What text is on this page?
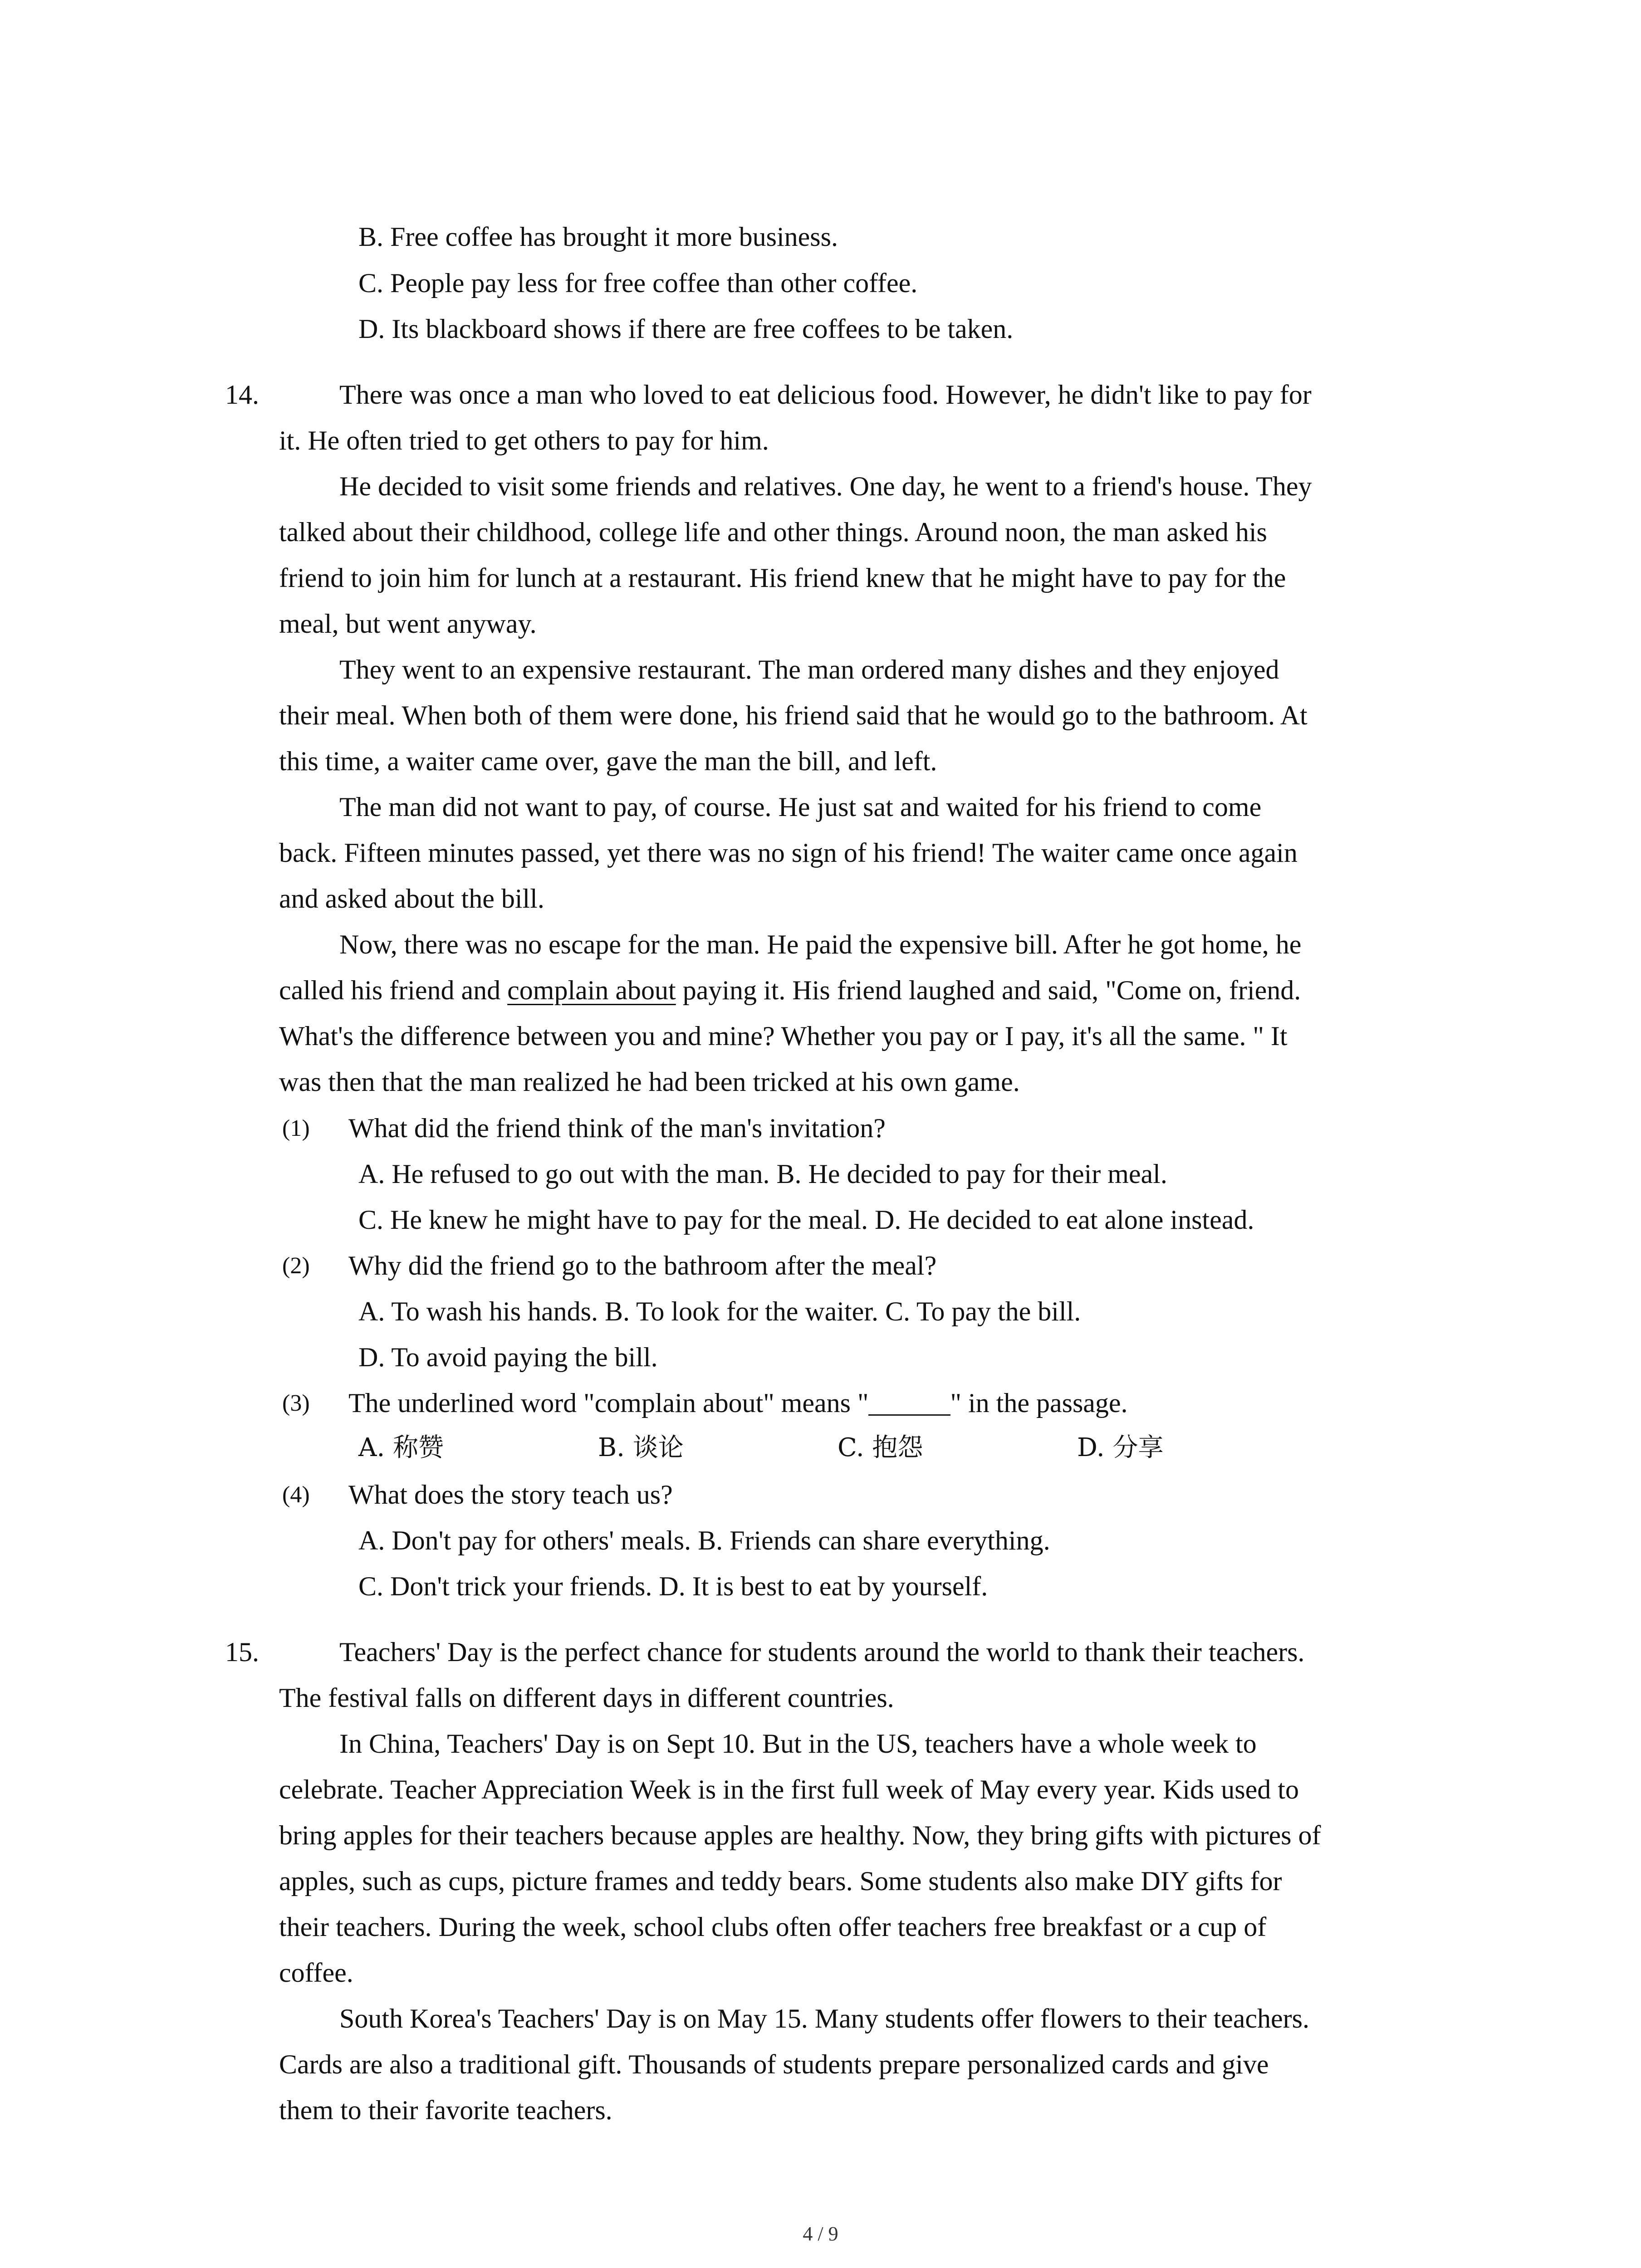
B. Free coffee has brought it more business.

C. People pay less for free coffee than other coffee.

D. Its blackboard shows if there are free coffees to be taken.

14.	There was once a man who loved to eat delicious food. However, he didn't like to pay for

it. He often tried to get others to pay for him.

He decided to visit some friends and relatives. One day, he went to a friend's house. They

talked about their childhood, college life and other things. Around noon, the man asked his

friend to join him for lunch at a restaurant. His friend knew that he might have to pay for the

meal, but went anyway.

They went to an expensive restaurant. The man ordered many dishes and they enjoyed

their meal. When both of them were done, his friend said that he would go to the bathroom. At

this time, a waiter came over, gave the man the bill, and left.

The man did not want to pay, of course. He just sat and waited for his friend to come

back. Fifteen minutes passed, yet there was no sign of his friend! The waiter came once again

and asked about the bill.

Now, there was no escape for the man. He paid the expensive bill. After he got home, he

called his friend and complain about paying it. His friend laughed and said, "Come on, friend.

What's the difference between you and mine? Whether you pay or I pay, it's all the same. " It

was then that the man realized he had been tricked at his own game.

(1) What did the friend think of the man's invitation?

A. He refused to go out with the man. B. He decided to pay for their meal.

C. He knew he might have to pay for the meal. D. He decided to eat alone instead.

(2) Why did the friend go to the bathroom after the meal?

A. To wash his hands. B. To look for the waiter. C. To pay the bill.

D. To avoid paying the bill.

(3) The underlined word "complain about" means "______" in the passage.

A. 称赞	B. 谈论	C. 抱怨	D. 分享

(4) What does the story teach us?

A. Don't pay for others' meals. B. Friends can share everything.

C. Don't trick your friends. D. It is best to eat by yourself.

15.	Teachers' Day is the perfect chance for students around the world to thank their teachers.

The festival falls on different days in different countries.

In China, Teachers' Day is on Sept 10. But in the US, teachers have a whole week to

celebrate. Teacher Appreciation Week is in the first full week of May every year. Kids used to

bring apples for their teachers because apples are healthy. Now, they bring gifts with pictures of

apples, such as cups, picture frames and teddy bears. Some students also make DIY gifts for

their teachers. During the week, school clubs often offer teachers free breakfast or a cup of

coffee.

South Korea's Teachers' Day is on May 15. Many students offer flowers to their teachers.

Cards are also a traditional gift. Thousands of students prepare personalized cards and give

them to their favorite teachers.

4 / 9
